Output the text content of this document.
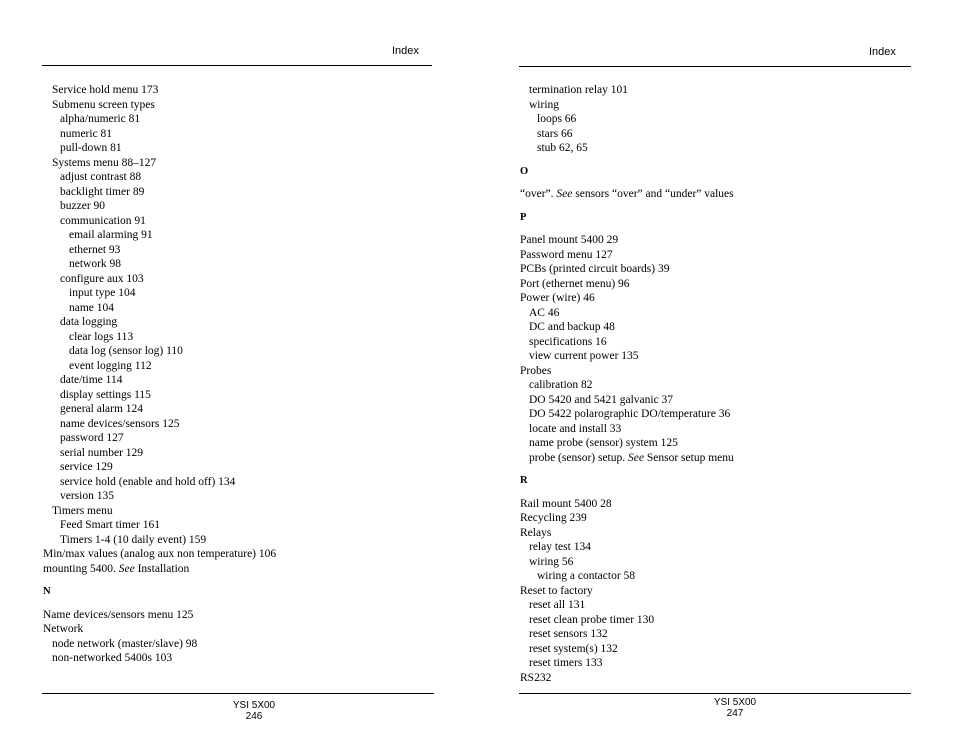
Index
Service hold menu 173
Submenu screen types
alpha/numeric 81
numeric 81
pull-down 81
Systems menu 88–127
adjust contrast 88
backlight timer 89
buzzer 90
communication 91
email alarming 91
ethernet 93
network 98
configure aux 103
input type 104
name 104
data logging
clear logs 113
data log (sensor log) 110
event logging 112
date/time 114
display settings 115
general alarm 124
name devices/sensors 125
password 127
serial number 129
service 129
service hold (enable and hold off) 134
version 135
Timers menu
Feed Smart timer 161
Timers 1-4 (10 daily event) 159
Min/max values (analog aux non temperature) 106
mounting 5400. See Installation
N
Name devices/sensors menu 125
Network
node network (master/slave) 98
non-networked 5400s 103
YSI 5X00
246
Index
termination relay 101
wiring
loops 66
stars 66
stub 62, 65
O
“over”. See sensors “over” and “under” values
P
Panel mount 5400 29
Password menu 127
PCBs (printed circuit boards) 39
Port (ethernet menu) 96
Power (wire) 46
AC 46
DC and backup 48
specifications 16
view current power 135
Probes
calibration 82
DO 5420 and 5421 galvanic 37
DO 5422 polarographic DO/temperature 36
locate and install 33
name probe (sensor) system 125
probe (sensor) setup. See Sensor setup menu
R
Rail mount 5400 28
Recycling 239
Relays
relay test 134
wiring 56
wiring a contactor 58
Reset to factory
reset all 131
reset clean probe timer 130
reset sensors 132
reset system(s) 132
reset timers 133
RS232
YSI 5X00
247
